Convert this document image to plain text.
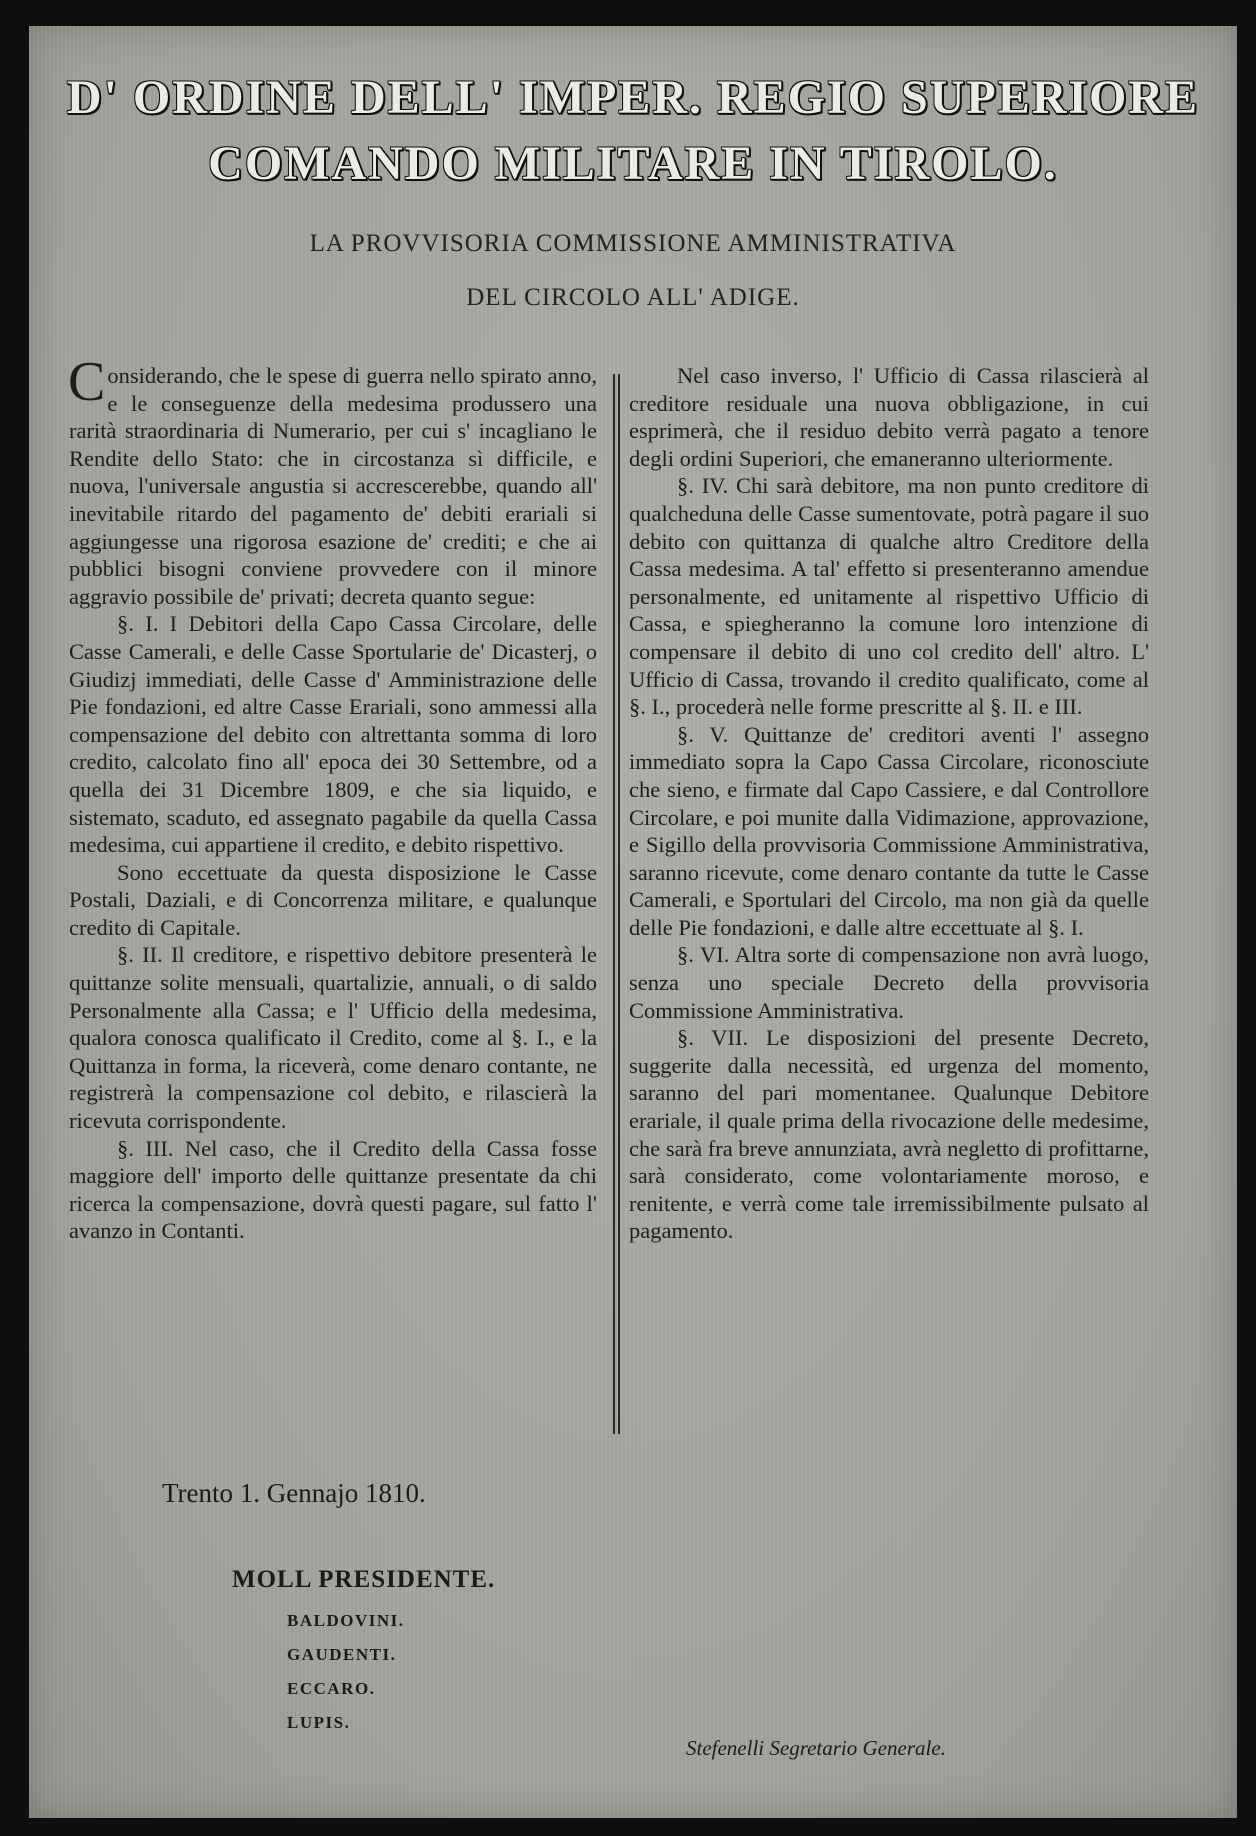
D' ORDINE DELL' IMPER. REGIO SUPERIORE
COMANDO MILITARE IN TIROLO.
LA PROVVISORIA COMMISSIONE AMMINISTRATIVA
DEL CIRCOLO ALL' ADIGE.

Considerando, che le spese di guerra nello spirato anno, e le conseguenze della medesima produssero una rarità straordinaria di Numerario, per cui s' incagliano le Rendite dello Stato: che in circostanza sì difficile, e nuova, l'universale angustia si accrescerebbe, quando all' inevitabile ritardo del pagamento de' debiti erariali si aggiungesse una rigorosa esazione de' crediti; e che ai pubblici bisogni conviene provvedere con il minore aggravio possibile de' privati; decreta quanto segue:

§. I. I Debitori della Capo Cassa Circolare, delle Casse Camerali, e delle Casse Sportularie de' Dicasterj, o Giudizj immediati, delle Casse d' Amministrazione delle Pie fondazioni, ed altre Casse Erariali, sono ammessi alla compensazione del debito con altrettanta somma di loro credito, calcolato fino all' epoca dei 30 Settembre, od a quella dei 31 Dicembre 1809, e che sia liquido, e sistemato, scaduto, ed assegnato pagabile da quella Cassa medesima, cui appartiene il credito, e debito rispettivo.

Sono eccettuate da questa disposizione le Casse Postali, Daziali, e di Concorrenza militare, e qualunque credito di Capitale.

§. II. Il creditore, e rispettivo debitore presenterà le quittanze solite mensuali, quartalizie, annuali, o di saldo Personalmente alla Cassa; e l' Ufficio della medesima, qualora conosca qualificato il Credito, come al §. I., e la Quittanza in forma, la riceverà, come denaro contante, ne registrerà la compensazione col debito, e rilascierà la ricevuta corrispondente.

§. III. Nel caso, che il Credito della Cassa fosse maggiore dell' importo delle quittanze presentate da chi ricerca la compensazione, dovrà questi pagare, sul fatto l' avanzo in Contanti.

Nel caso inverso, l' Ufficio di Cassa rilascierà al creditore residuale una nuova obbligazione, in cui esprimerà, che il residuo debito verrà pagato a tenore degli ordini Superiori, che emaneranno ulteriormente.

§. IV. Chi sarà debitore, ma non punto creditore di qualcheduna delle Casse sumentovate, potrà pagare il suo debito con quittanza di qualche altro Creditore della Cassa medesima. A tal' effetto si presenteranno amendue personalmente, ed unitamente al rispettivo Ufficio di Cassa, e spiegheranno la comune loro intenzione di compensare il debito di uno col credito dell' altro. L' Ufficio di Cassa, trovando il credito qualificato, come al §. I., procederà nelle forme prescritte al §. II. e III.

§. V. Quittanze de' creditori aventi l' assegno immediato sopra la Capo Cassa Circolare, riconosciute che sieno, e firmate dal Capo Cassiere, e dal Controllore Circolare, e poi munite dalla Vidimazione, approvazione, e Sigillo della provvisoria Commissione Amministrativa, saranno ricevute, come denaro contante da tutte le Casse Camerali, e Sportulari del Circolo, ma non già da quelle delle Pie fondazioni, e dalle altre eccettuate al §. I.

§. VI. Altra sorte di compensazione non avrà luogo, senza uno speciale Decreto della provvisoria Commissione Amministrativa.

§. VII. Le disposizioni del presente Decreto, suggerite dalla necessità, ed urgenza del momento, saranno del pari momentanee. Qualunque Debitore erariale, il quale prima della rivocazione delle medesime, che sarà fra breve annunziata, avrà negletto di profittarne, sarà considerato, come volontariamente moroso, e renitente, e verrà come tale irremissibilmente pulsato al pagamento.

Trento 1. Gennajo 1810.
MOLL PRESIDENTE.
BALDOVINI.
GAUDENTI.
ECCARO.
LUPIS.
Stefenelli Segretario Generale.
